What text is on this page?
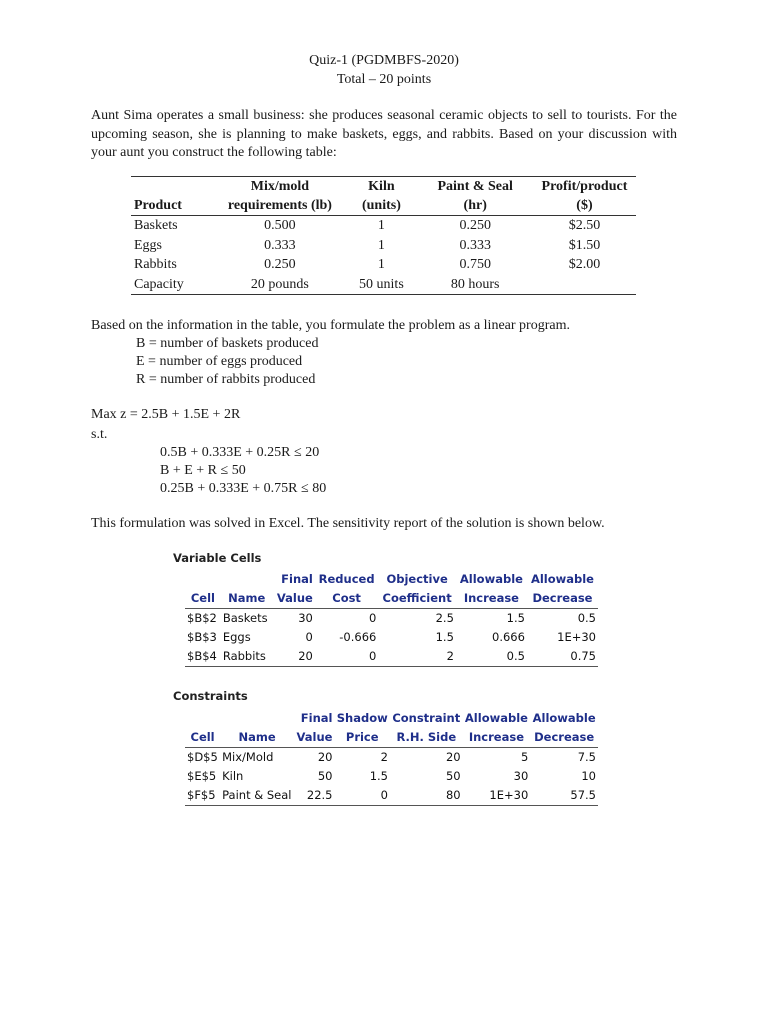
Quiz-1 (PGDMBFS-2020)
Total – 20 points
Aunt Sima operates a small business: she produces seasonal ceramic objects to sell to tourists. For the upcoming season, she is planning to make baskets, eggs, and rabbits. Based on your discussion with your aunt you construct the following table:
	Mix/mold	Kiln	Paint & Seal	Profit/product
Product	requirements (lb)	(units)	(hr)	($)
Baskets	0.500	1	0.250	$2.50
Eggs	0.333	1	0.333	$1.50
Rabbits	0.250	1	0.750	$2.00
Capacity	20 pounds	50 units	80 hours	
Based on the information in the table, you formulate the problem as a linear program.
B = number of baskets produced
E = number of eggs produced
R = number of rabbits produced
Max z = 2.5B + 1.5E + 2R
s.t.
0.5B + 0.333E + 0.25R ≤ 20
B + E + R ≤ 50
0.25B + 0.333E + 0.75R ≤ 80
This formulation was solved in Excel. The sensitivity report of the solution is shown below.
Variable Cells
		Final	Reduced	Objective	Allowable	Allowable
Cell	Name	Value	Cost	Coefficient	Increase	Decrease
$B$2	Baskets	30	0	2.5	1.5	0.5
$B$3	Eggs	0	-0.666	1.5	0.666	1E+30
$B$4	Rabbits	20	0	2	0.5	0.75
Constraints
		Final	Shadow	Constraint	Allowable	Allowable
Cell	Name	Value	Price	R.H. Side	Increase	Decrease
$D$5	Mix/Mold	20	2	20	5	7.5
$E$5	Kiln	50	1.5	50	30	10
$F$5	Paint & Seal	22.5	0	80	1E+30	57.5
